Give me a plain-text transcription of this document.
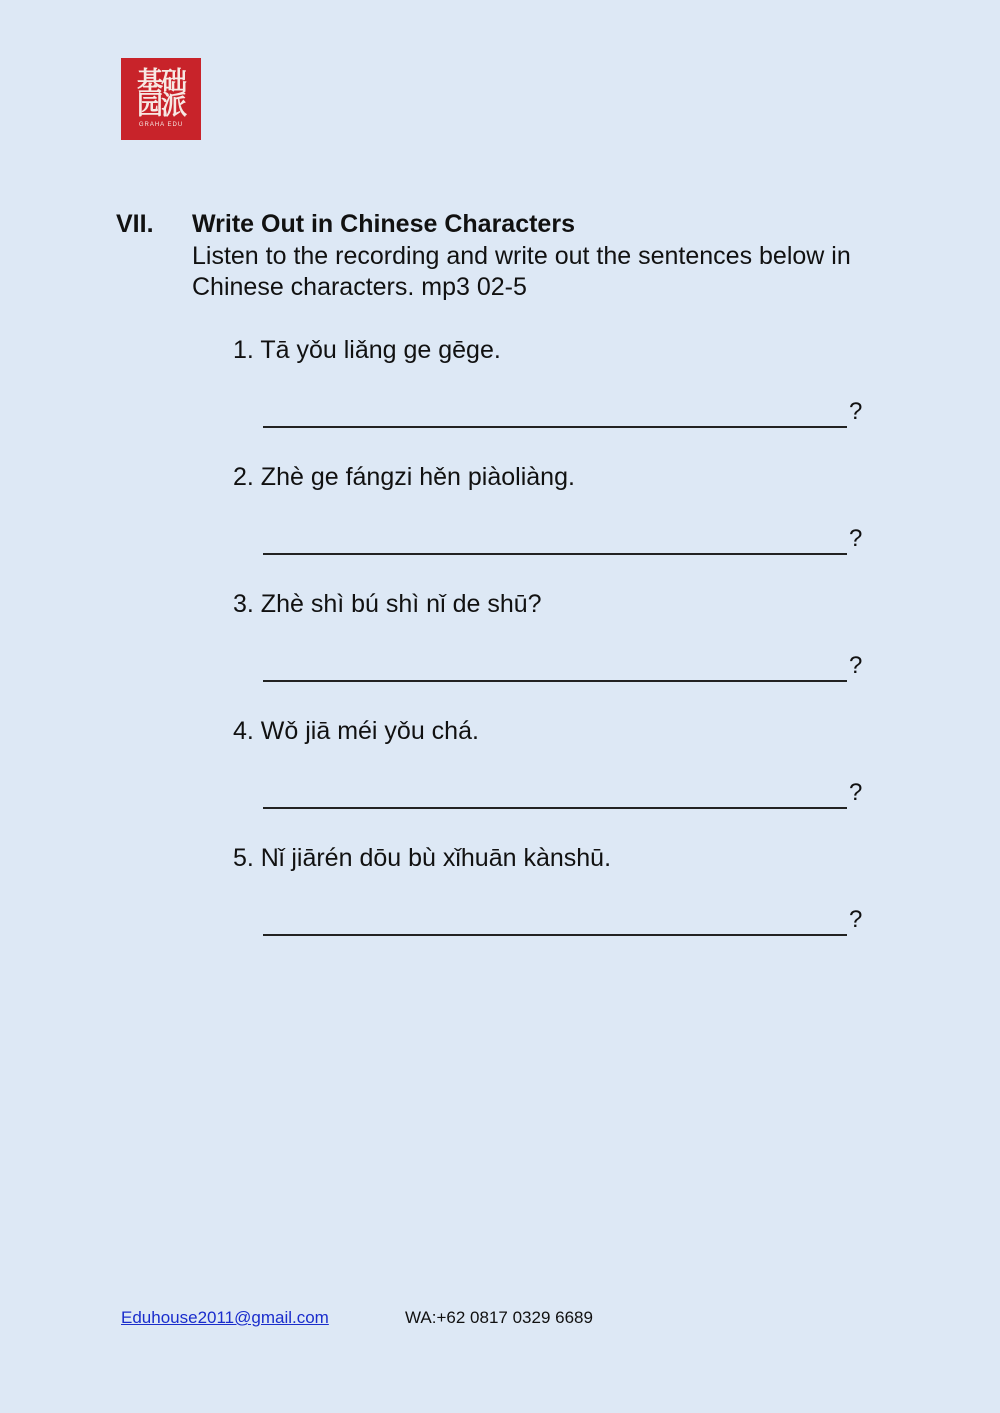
基础
园派
GRAHA EDU
VII. Write Out in Chinese Characters
Listen to the recording and write out the sentences below in Chinese characters. mp3 02-5
1. Tā yǒu liǎng ge gēge.
?
2. Zhè ge fángzi hěn piàoliàng.
?
3. Zhè shì bú shì nǐ de shū?
?
4. Wǒ jiā méi yǒu chá.
?
5. Nǐ jiārén dōu bù xǐhuān kànshū.
?
Eduhouse2011@gmail.com	WA:+62 0817 0329 6689
